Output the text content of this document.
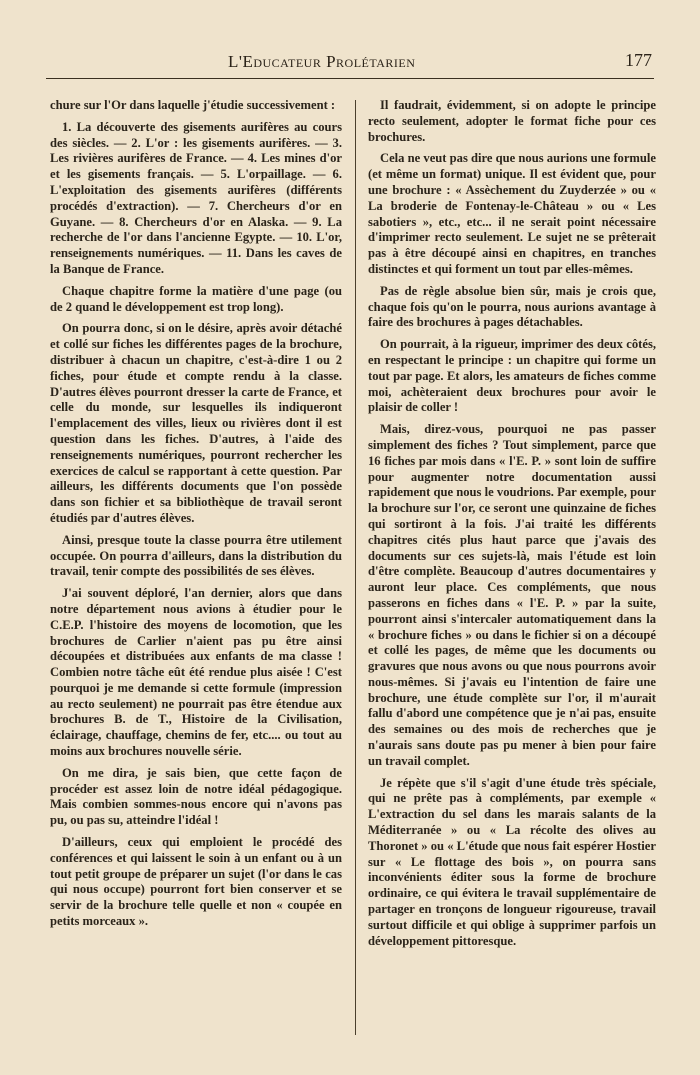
L'Educateur Prolétarien	177

chure sur l'Or dans laquelle j'étudie successivement :

1. La découverte des gisements aurifères au cours des siècles. — 2. L'or : les gisements aurifères. — 3. Les rivières aurifères de France. — 4. Les mines d'or et les gisements français. — 5. L'orpaillage. — 6. L'exploitation des gisements aurifères (différents procédés d'extraction). — 7. Chercheurs d'or en Guyane. — 8. Chercheurs d'or en Alaska. — 9. La recherche de l'or dans l'ancienne Egypte. — 10. L'or, renseignements numériques. — 11. Dans les caves de la Banque de France.

Chaque chapitre forme la matière d'une page (ou de 2 quand le développement est trop long).

On pourra donc, si on le désire, après avoir détaché et collé sur fiches les différentes pages de la brochure, distribuer à chacun un chapitre, c'est-à-dire 1 ou 2 fiches, pour étude et compte rendu à la classe. D'autres élèves pourront dresser la carte de France, et celle du monde, sur lesquelles ils indiqueront l'emplacement des villes, lieux ou rivières dont il est question dans les fiches. D'autres, à l'aide des renseignements numériques, pourront rechercher les exercices de calcul se rapportant à cette question. Par ailleurs, les différents documents que l'on possède dans son fichier et sa bibliothèque de travail seront étudiés par d'autres élèves.

Ainsi, presque toute la classe pourra être utilement occupée. On pourra d'ailleurs, dans la distribution du travail, tenir compte des possibilités de ses élèves.

J'ai souvent déploré, l'an dernier, alors que dans notre département nous avions à étudier pour le C.E.P. l'histoire des moyens de locomotion, que les brochures de Carlier n'aient pas pu être ainsi découpées et distribuées aux enfants de ma classe ! Combien notre tâche eût été rendue plus aisée ! C'est pourquoi je me demande si cette formule (impression au recto seulement) ne pourrait pas être étendue aux brochures B. de T., Histoire de la Civilisation, éclairage, chauffage, chemins de fer, etc.... ou tout au moins aux brochures nouvelle série.

On me dira, je sais bien, que cette façon de procéder est assez loin de notre idéal pédagogique. Mais combien sommes-nous encore qui n'avons pas pu, ou pas su, atteindre l'idéal !

D'ailleurs, ceux qui emploient le procédé des conférences et qui laissent le soin à un enfant ou à un tout petit groupe de préparer un sujet (l'or dans le cas qui nous occupe) pourront fort bien conserver et se servir de la brochure telle quelle et non « coupée en petits morceaux ».

Il faudrait, évidemment, si on adopte le principe recto seulement, adopter le format fiche pour ces brochures.

Cela ne veut pas dire que nous aurions une formule (et même un format) unique. Il est évident que, pour une brochure : « Assèchement du Zuyderzée » ou « La broderie de Fontenay-le-Château » ou « Les sabotiers », etc., etc... il ne serait point nécessaire d'imprimer recto seulement. Le sujet ne se prêterait pas à être découpé ainsi en chapitres, en tranches distinctes et qui forment un tout par elles-mêmes.

Pas de règle absolue bien sûr, mais je crois que, chaque fois qu'on le pourra, nous aurions avantage à faire des brochures à pages détachables.

On pourrait, à la rigueur, imprimer des deux côtés, en respectant le principe : un chapitre qui forme un tout par page. Et alors, les amateurs de fiches comme moi, achèteraient deux brochures pour avoir le plaisir de coller !

Mais, direz-vous, pourquoi ne pas passer simplement des fiches ? Tout simplement, parce que 16 fiches par mois dans « l'E. P. » sont loin de suffire pour augmenter notre documentation aussi rapidement que nous le voudrions. Par exemple, pour la brochure sur l'or, ce seront une quinzaine de fiches qui sortiront à la fois. J'ai traité les différents chapitres cités plus haut parce que j'avais des documents sur ces sujets-là, mais l'étude est loin d'être complète. Beaucoup d'autres documentaires y auront leur place. Ces compléments, que nous passerons en fiches dans « l'E. P. » par la suite, pourront ainsi s'intercaler automatiquement dans la « brochure fiches » ou dans le fichier si on a découpé et collé les pages, de même que les documents ou gravures que nous avons ou que nous pourrons avoir nous-mêmes. Si j'avais eu l'intention de faire une brochure, une étude complète sur l'or, il m'aurait fallu d'abord une compétence que je n'ai pas, ensuite des semaines ou des mois de recherches que je n'aurais sans doute pas pu mener à bien pour faire un travail complet.

Je répète que s'il s'agit d'une étude très spéciale, qui ne prête pas à compléments, par exemple « L'extraction du sel dans les marais salants de la Méditerranée » ou « La récolte des olives au Thoronet » ou « L'étude que nous fait espérer Hostier sur « Le flottage des bois », on pourra sans inconvénients éditer sous la forme de brochure ordinaire, ce qui évitera le travail supplémentaire de partager en tronçons de longueur rigoureuse, travail surtout difficile et qui oblige à supprimer parfois un développement pittoresque.
